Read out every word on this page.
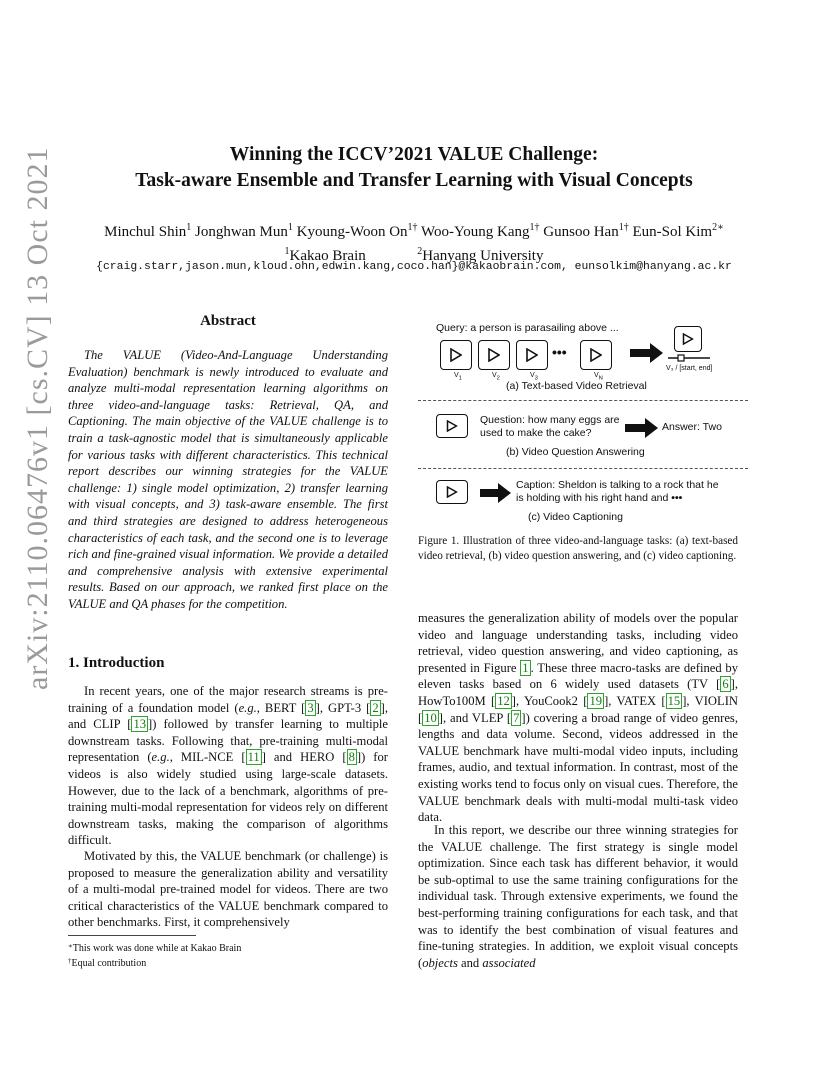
arXiv:2110.06476v1 [cs.CV] 13 Oct 2021	Winning the ICCV’2021 VALUE Challenge:
Task-aware Ensemble and Transfer Learning with Visual Concepts
Minchul Shin$^1$ Jonghwan Mun$^1$ Kyoung-Woon $On^{1\dagger}$ Woo-Young Kang$^{1\dagger}$ Gunsoo Han$^{1\dagger}$ Eun-Sol Kim$^{2∗}$
$^1$Kakao Brain	$^2$Hanyang University
{craig.starr,jason.mun,kloud.ohn,edwin.kang,coco.han}@kakaobrain.com, eunsolkim@hanyang.ac.kr
Abstract
The VALUE (Video-And-Language Understanding Evaluation) benchmark is newly introduced to evaluate and analyze multi-modal representation learning algorithms on three video-and-language tasks: Retrieval, QA, and Captioning. The main objective of the VALUE challenge is to train a task-agnostic model that is simultaneously applicable for various tasks with different characteristics. This technical report describes our winning strategies for the VALUE challenge: 1) single model optimization, 2) transfer learning with visual concepts, and 3) task-aware ensemble. The first and third strategies are designed to address heterogeneous characteristics of each task, and the second one is to leverage rich and fine-grained visual information. We provide a detailed and comprehensive analysis with extensive experimental results. Based on our approach, we ranked first place on the VALUE and QA phases for the competition.
1. Introduction
In recent years, one of the major research streams is pre-training of a foundation model (e.g., BERT [ 3 ], GPT-3 [ 2 ], and CLIP [ 13 ]) followed by transfer learning to multiple downstream tasks. Following that, pre-training multi-modal representation (e.g., MIL-NCE [ 11 ] and HERO [ 8 ]) for videos is also widely studied using large-scale datasets. However, due to the lack of a benchmark, algorithms of pre-training multi-modal representation for videos rely on different downstream tasks, making the comparison of algorithms difficult.
Motivated by this, the VALUE benchmark (or challenge) is proposed to measure the generalization ability and versatility of a multi-modal pre-trained model for videos. There are two critical characteristics of the VALUE benchmark compared to other benchmarks. First, it comprehensively
∗This work was done while at Kakao Brain
†Equal contribution
Query: a person is parasailing above ...
•••
$V_1$	$V_2$	$V_3$	$V_N$
V₃ / [start, end]
(a) Text-based Video Retrieval
Question: how many eggs are
used to make the cake?	Answer: Two
(b) Video Question Answering
Caption: Sheldon is talking to a rock that he
is holding with his right hand and •••
(c) Video Captioning
Figure 1. Illustration of three video-and-language tasks: (a) text-based video retrieval, (b) video question answering, and (c) video captioning.
measures the generalization ability of models over the popular video and language understanding tasks, including video retrieval, video question answering, and video captioning, as presented in Figure 1 . These three macro-tasks are defined by eleven tasks based on 6 widely used datasets (TV [ 6 ], HowTo100M [ 12 ], YouCook2 [ 19 ], VATEX [ 15 ], VIOLIN [ 10 ], and VLEP [ 7 ]) covering a broad range of video genres, lengths and data volume. Second, videos addressed in the VALUE benchmark have multi-modal video inputs, including frames, audio, and textual information. In contrast, most of the existing works tend to focus only on visual cues. Therefore, the VALUE benchmark deals with multi-modal multi-task video data.
In this report, we describe our three winning strategies for the VALUE challenge. The first strategy is single model optimization. Since each task has different behavior, it would be sub-optimal to use the same training configurations for the individual task. Through extensive experiments, we found the best-performing training configurations for each task, and that was to identify the best combination of visual features and fine-tuning strategies. In addition, we exploit visual concepts (objects and associated
